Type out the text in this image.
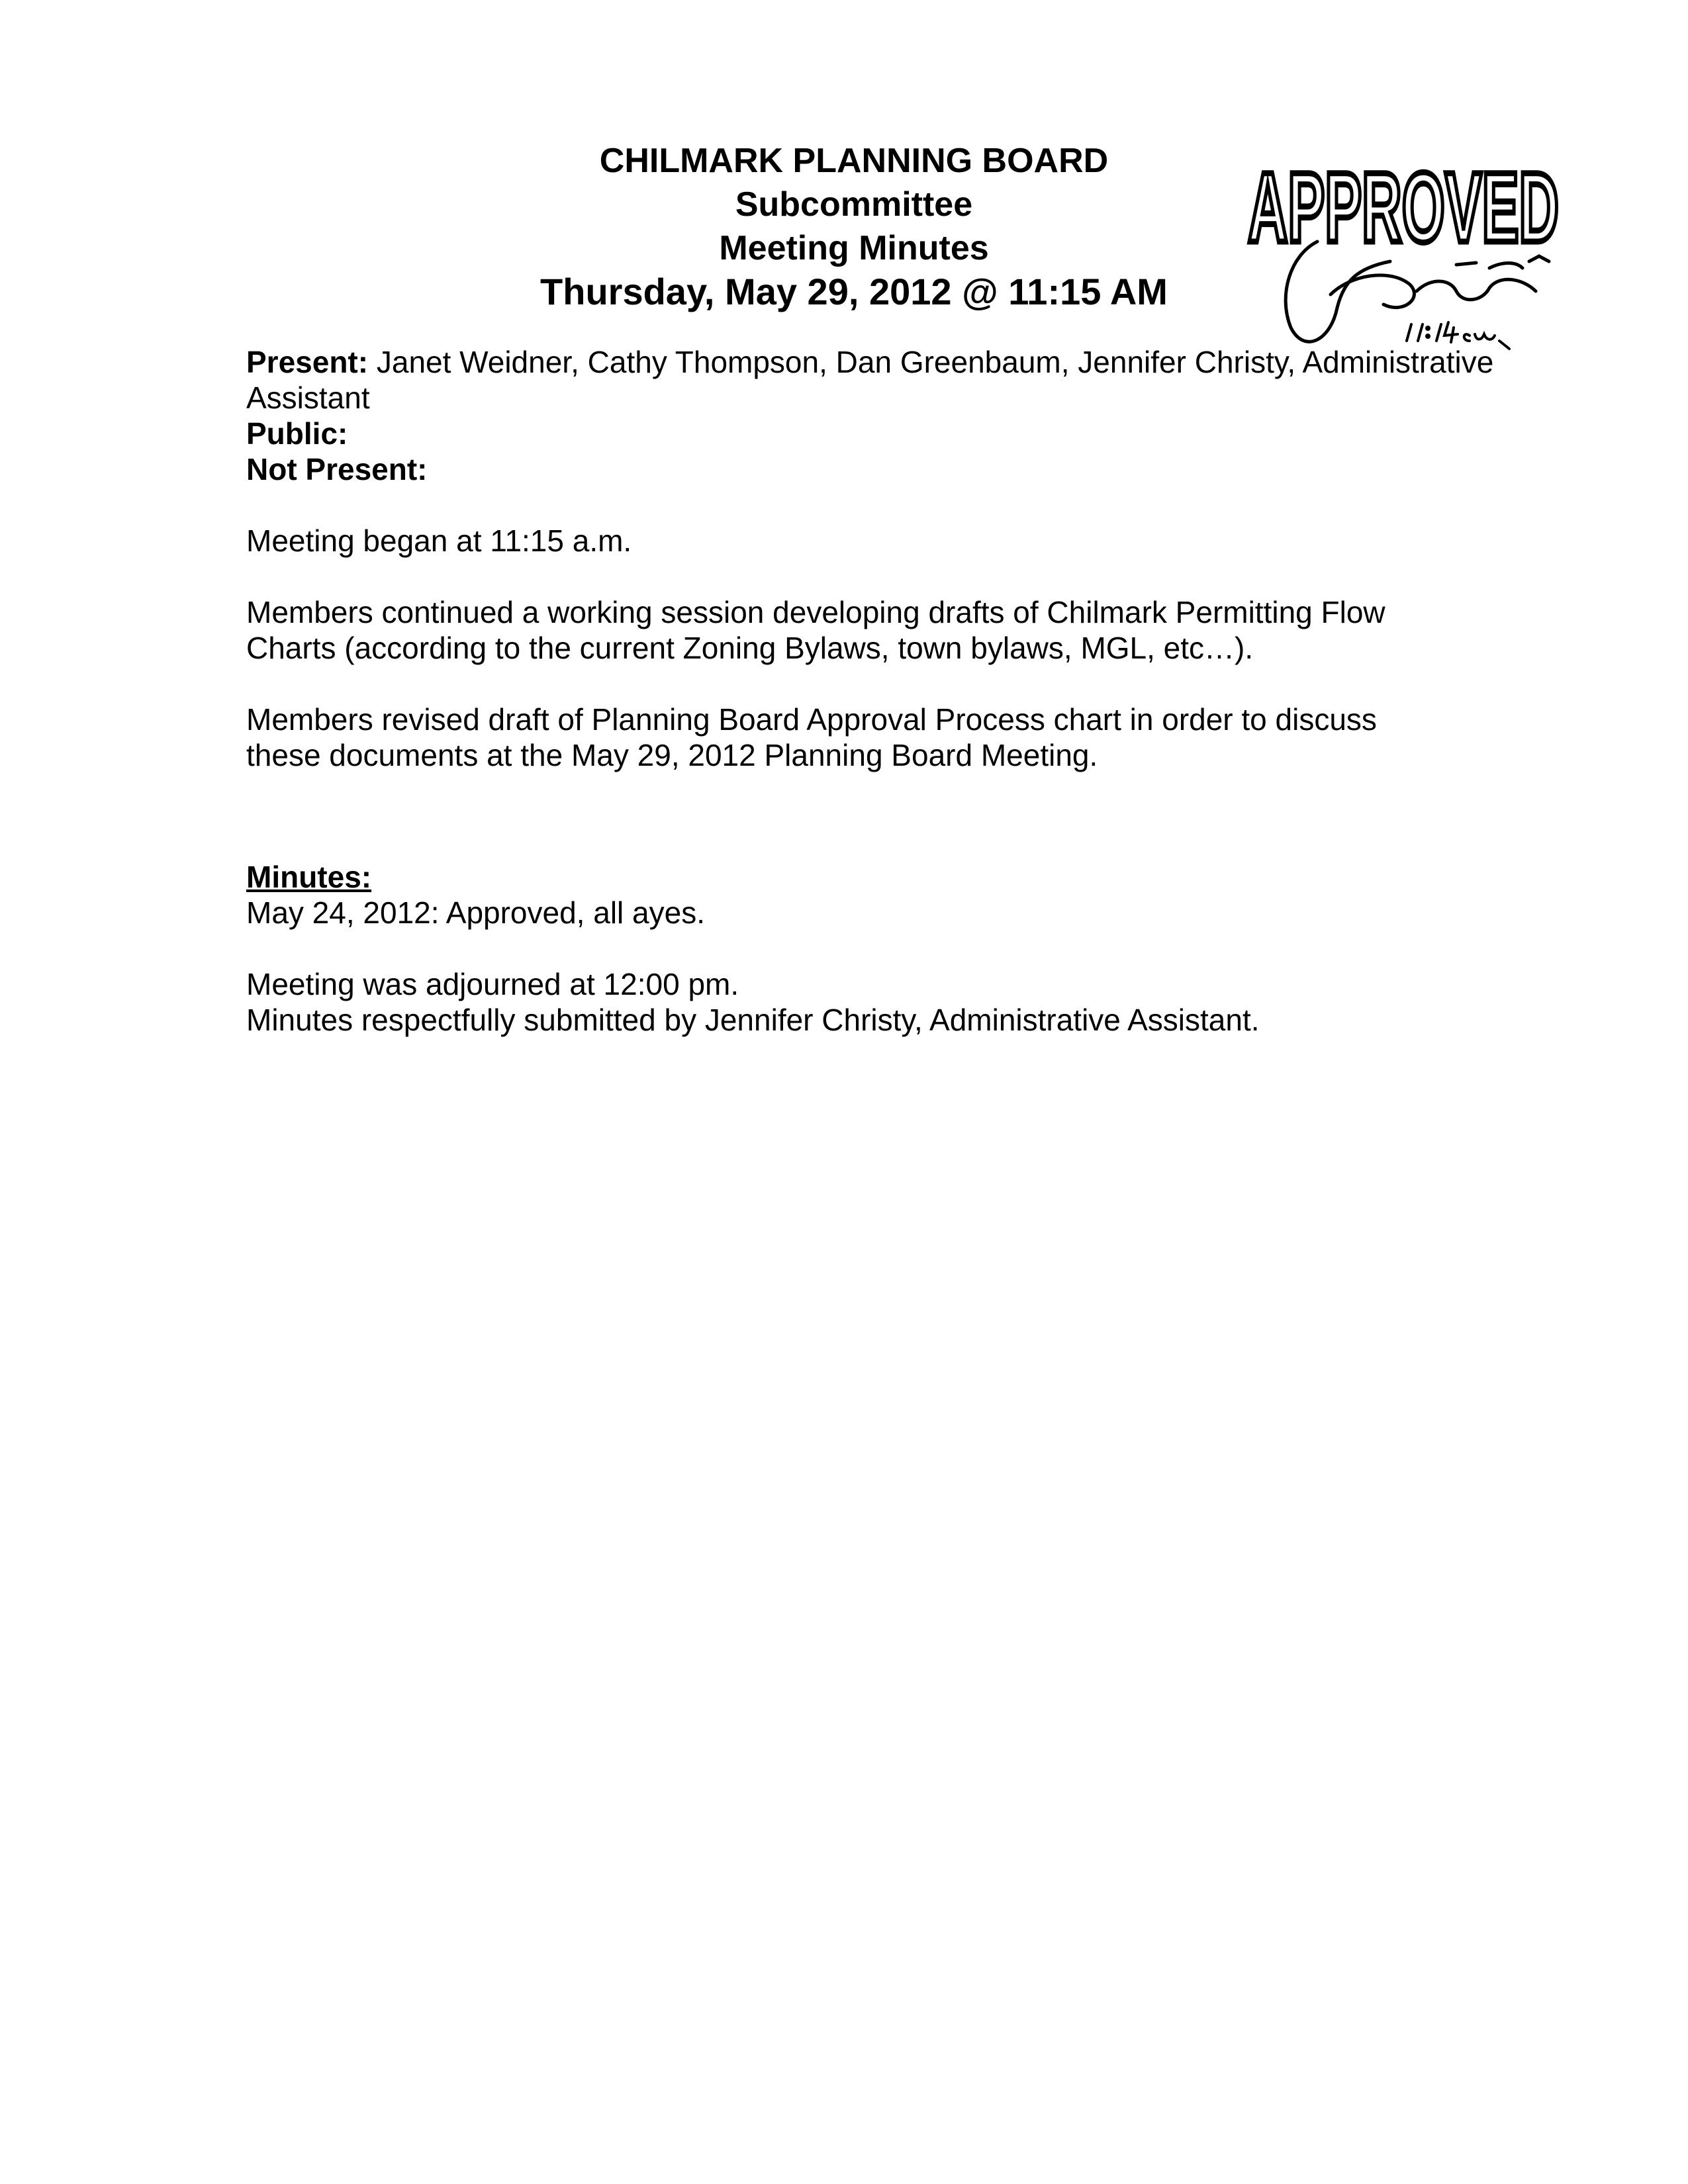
CHILMARK PLANNING BOARD
Subcommittee
Meeting Minutes
Thursday, May 29, 2012 @ 11:15 AM
APPROVED
Present: Janet Weidner, Cathy Thompson, Dan Greenbaum, Jennifer Christy, Administrative
Assistant
Public:
Not Present:
Meeting began at 11:15 a.m.
Members continued a working session developing drafts of Chilmark Permitting Flow
Charts (according to the current Zoning Bylaws, town bylaws, MGL, etc…).
Members revised draft of Planning Board Approval Process chart in order to discuss
these documents at the May 29, 2012 Planning Board Meeting.
Minutes:
May 24, 2012: Approved, all ayes.
Meeting was adjourned at 12:00 pm.
Minutes respectfully submitted by Jennifer Christy, Administrative Assistant.
